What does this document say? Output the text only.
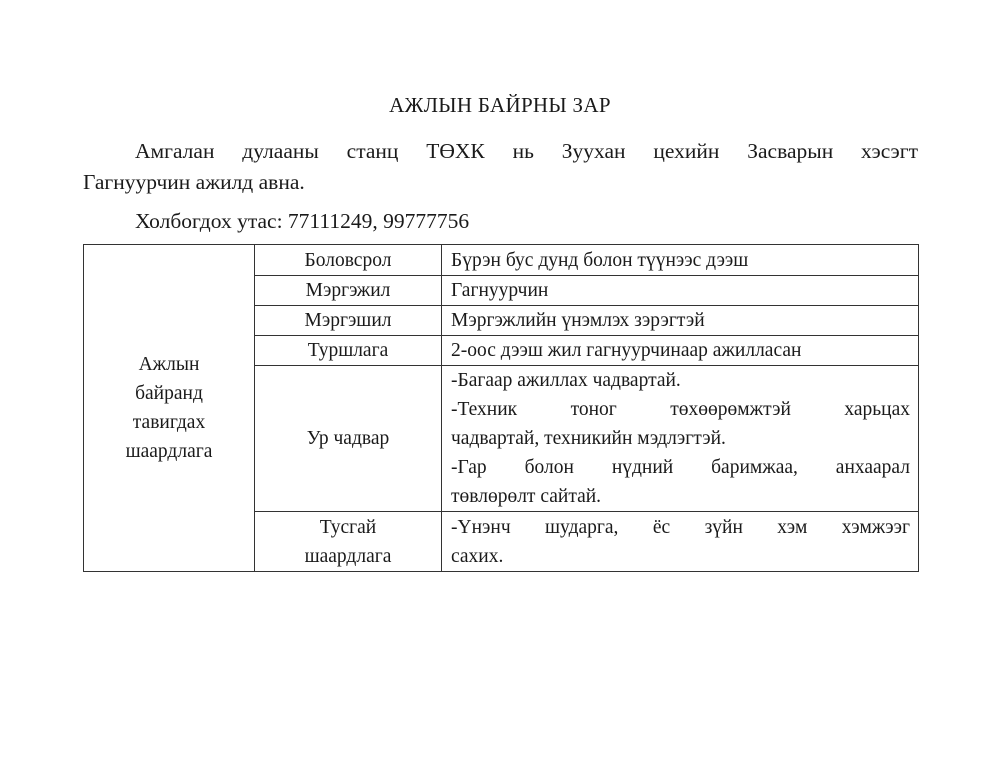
АЖЛЫН БАЙРНЫ ЗАР
Амгалан дулааны станц ТӨХК нь Зуухан цехийн Засварын хэсэгт
Гагнуурчин ажилд авна.
Холбогдох утас: 77111249, 99777756
Ажлын
байранд
тавигдах
шаардлага	Боловсрол	Бүрэн бус дунд болон түүнээс дээш
	Мэргэжил	Гагнуурчин
	Мэргэшил	Мэргэжлийн үнэмлэх зэрэгтэй
	Туршлага	2-оос дээш жил гагнуурчинаар ажилласан
	Ур чадвар	-Багаар ажиллах чадвартай.
-Техник тоног төхөөрөмжтэй харьцах
чадвартай, техникийн мэдлэгтэй.
-Гар болон нүдний баримжаа, анхаарал
төвлөрөлт сайтай.

	Тусгай
шаардлага	-Үнэнч шударга, ёс зүйн хэм хэмжээг
сахих.
